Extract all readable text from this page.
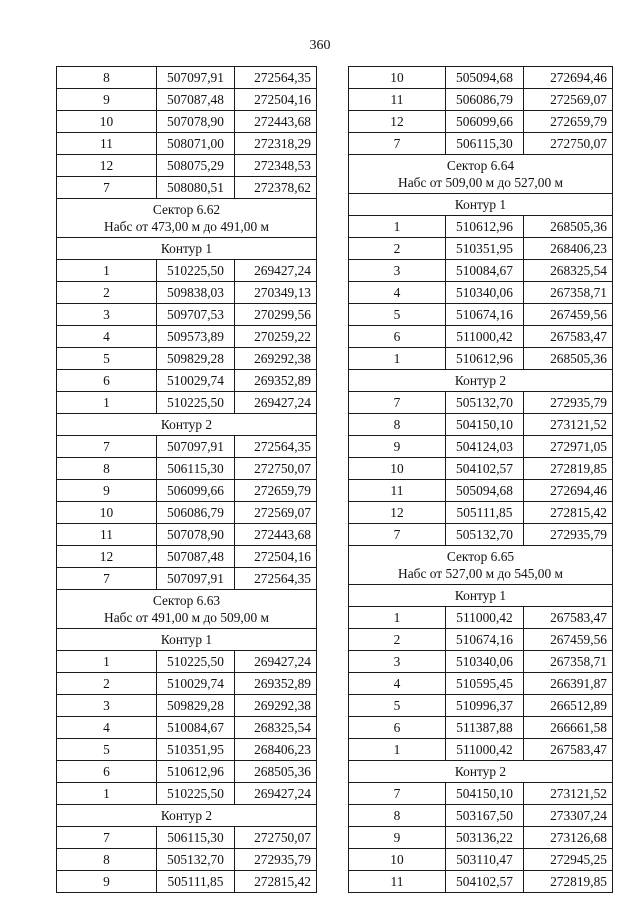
360
8	507097,91	272564,35
9	507087,48	272504,16
10	507078,90	272443,68
11	508071,00	272318,29
12	508075,29	272348,53
7	508080,51	272378,62

Сектор 6.62
Набс от 473,00 м до 491,00 м		

Контур 1		
1	510225,50	269427,24
2	509838,03	270349,13
3	509707,53	270299,56
4	509573,89	270259,22
5	509829,28	269292,38
6	510029,74	269352,89
1	510225,50	269427,24
Контур 2		
7	507097,91	272564,35
8	506115,30	272750,07
9	506099,66	272659,79
10	506086,79	272569,07
11	507078,90	272443,68
12	507087,48	272504,16
7	507097,91	272564,35

Сектор 6.63
Набс от 491,00 м до 509,00 м		

Контур 1		
1	510225,50	269427,24
2	510029,74	269352,89
3	509829,28	269292,38
4	510084,67	268325,54
5	510351,95	268406,23
6	510612,96	268505,36
1	510225,50	269427,24
Контур 2		
7	506115,30	272750,07
8	505132,70	272935,79
9	505111,85	272815,42
10	505094,68	272694,46
11	506086,79	272569,07
12	506099,66	272659,79
7	506115,30	272750,07

Сектор 6.64
Набс от 509,00 м до 527,00 м		

Контур 1		
1	510612,96	268505,36
2	510351,95	268406,23
3	510084,67	268325,54
4	510340,06	267358,71
5	510674,16	267459,56
6	511000,42	267583,47
1	510612,96	268505,36
Контур 2		
7	505132,70	272935,79
8	504150,10	273121,52
9	504124,03	272971,05
10	504102,57	272819,85
11	505094,68	272694,46
12	505111,85	272815,42
7	505132,70	272935,79

Сектор 6.65
Набс от 527,00 м до 545,00 м		

Контур 1		
1	511000,42	267583,47
2	510674,16	267459,56
3	510340,06	267358,71
4	510595,45	266391,87
5	510996,37	266512,89
6	511387,88	266661,58
1	511000,42	267583,47
Контур 2		
7	504150,10	273121,52
8	503167,50	273307,24
9	503136,22	273126,68
10	503110,47	272945,25
11	504102,57	272819,85
